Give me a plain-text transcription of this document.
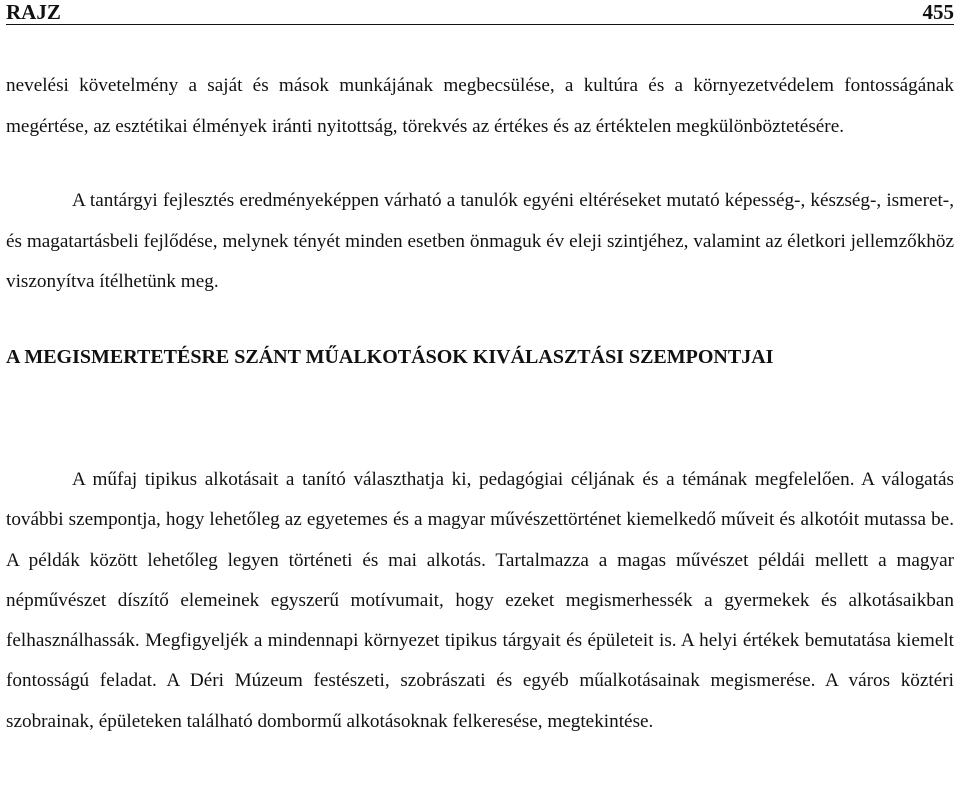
RAJZ	455

nevelési követelmény a saját és mások munkájának megbecsülése, a kultúra és a környezetvédelem fontosságának megértése, az esztétikai élmények iránti nyitottság, törekvés az értékes és az értéktelen megkülönböztetésére.

A tantárgyi fejlesztés eredményeképpen várható a tanulók egyéni eltéréseket mutató képesség-, készség-, ismeret-, és magatartásbeli fejlődése, melynek tényét minden esetben önmaguk év eleji szintjéhez, valamint az életkori jellemzőkhöz viszonyítva ítélhetünk meg.

A MEGISMERTETÉSRE SZÁNT MŰALKOTÁSOK KIVÁLASZTÁSI SZEMPONTJAI

A műfaj tipikus alkotásait a tanító választhatja ki, pedagógiai céljának és a témának megfelelően. A válogatás további szempontja, hogy lehetőleg az egyetemes és a magyar művészettörténet kiemelkedő műveit és alkotóit mutassa be. A példák között lehetőleg legyen történeti és mai alkotás. Tartalmazza a magas művészet példái mellett a magyar népművészet díszítő elemeinek egyszerű motívumait, hogy ezeket megismerhessék a gyermekek és alkotásaikban felhasználhassák. Megfigyeljék a mindennapi környezet tipikus tárgyait és épületeit is. A helyi értékek bemutatása kiemelt fontosságú feladat. A Déri Múzeum festészeti, szobrászati és egyéb műalkotásainak megismerése. A város köztéri szobrainak, épületeken található dombormű alkotásoknak felkeresése, megtekintése.
